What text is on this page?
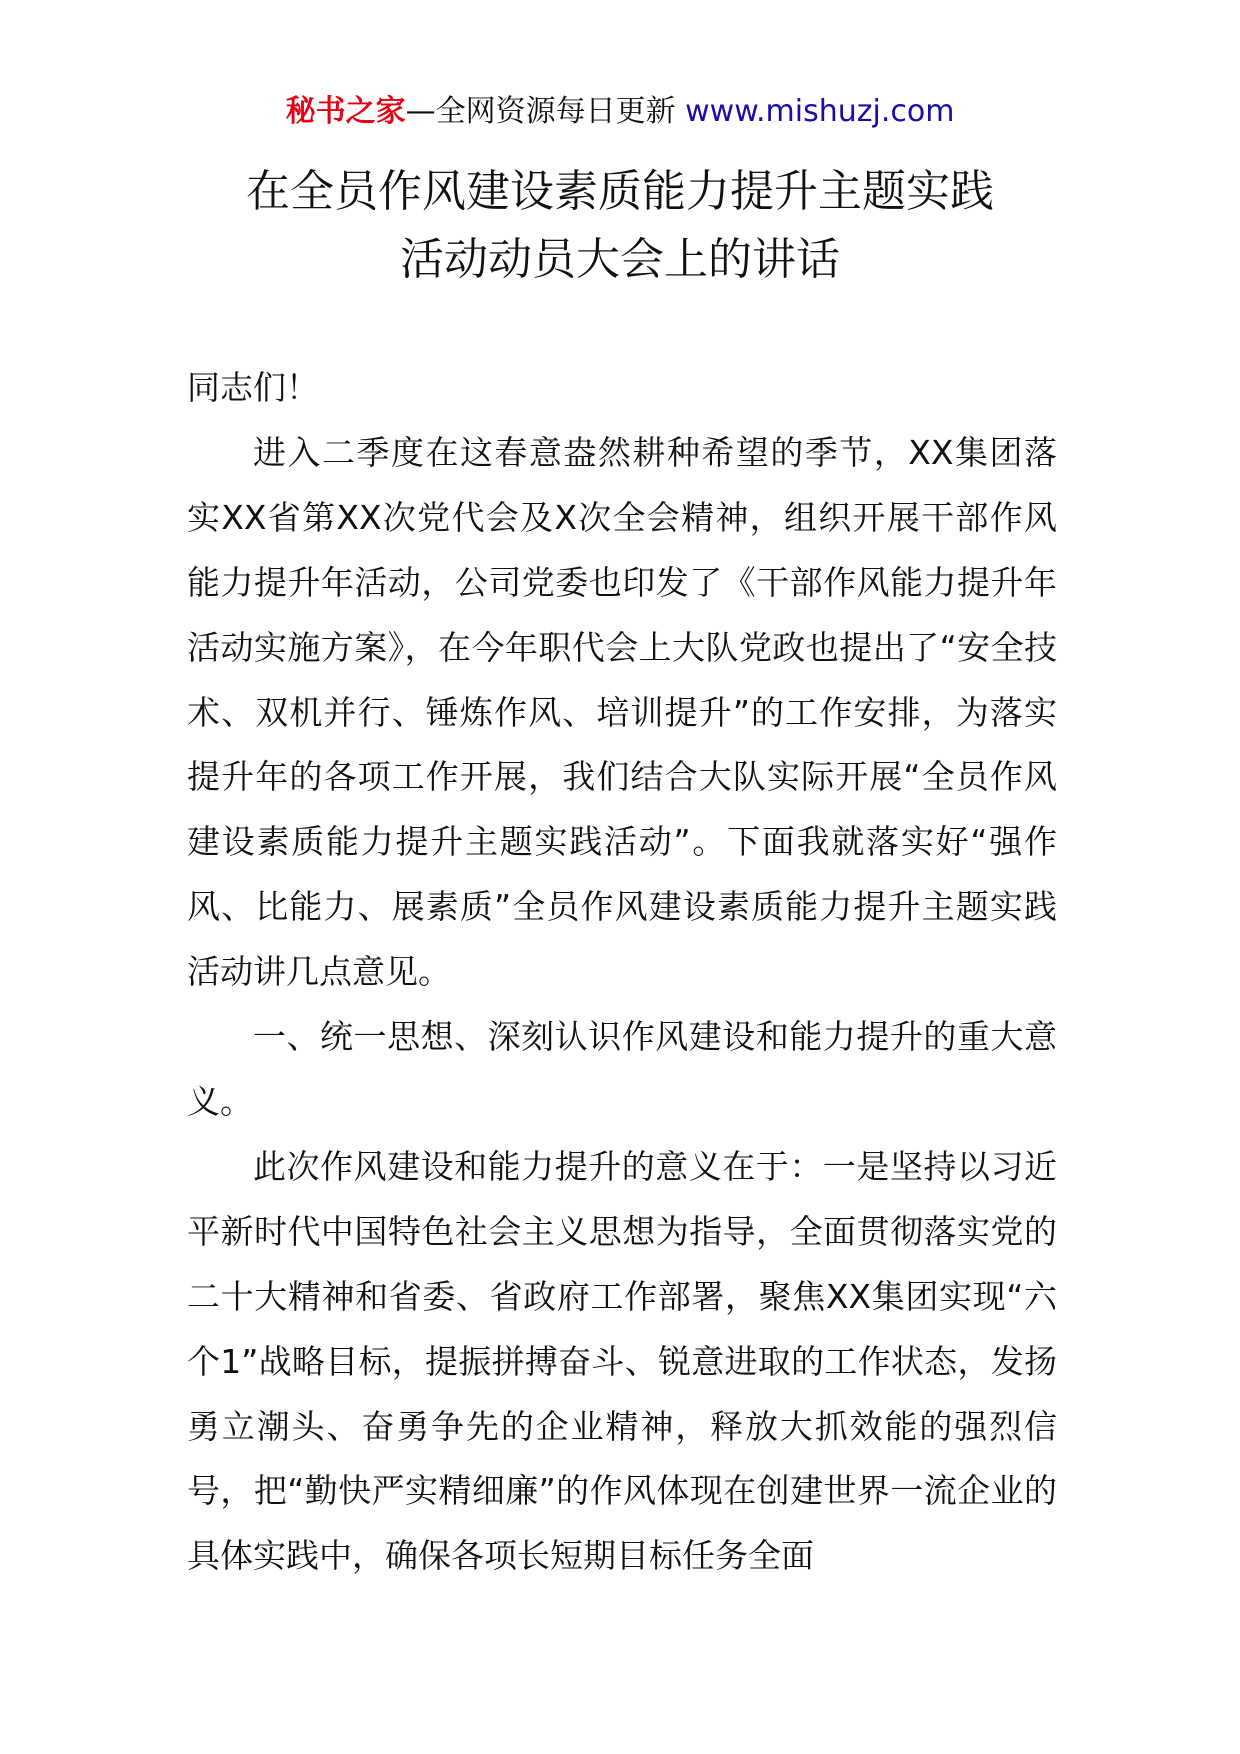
秘书之家—全网资源每日更新 www.mishuzj.com
在全员作风建设素质能力提升主题实践
活动动员大会上的讲话

同志们！

进入二季度在这春意盎然耕种希望的季节，XX集团落实XX省第XX次党代会及X次全会精神，组织开展干部作风能力提升年活动，公司党委也印发了《干部作风能力提升年活动实施方案》，在今年职代会上大队党政也提出了“安全技术、双机并行、锤炼作风、培训提升”的工作安排，为落实提升年的各项工作开展，我们结合大队实际开展“全员作风建设素质能力提升主题实践活动”。下面我就落实好“强作风、比能力、展素质”全员作风建设素质能力提升主题实践活动讲几点意见。

一、统一思想、深刻认识作风建设和能力提升的重大意义。

此次作风建设和能力提升的意义在于：一是坚持以习近平新时代中国特色社会主义思想为指导，全面贯彻落实党的二十大精神和省委、省政府工作部署，聚焦XX集团实现“六个1”战略目标，提振拼搏奋斗、锐意进取的工作状态，发扬勇立潮头、奋勇争先的企业精神，释放大抓效能的强烈信号，把“勤快严实精细廉”的作风体现在创建世界一流企业的具体实践中，确保各项长短期目标任务全面
